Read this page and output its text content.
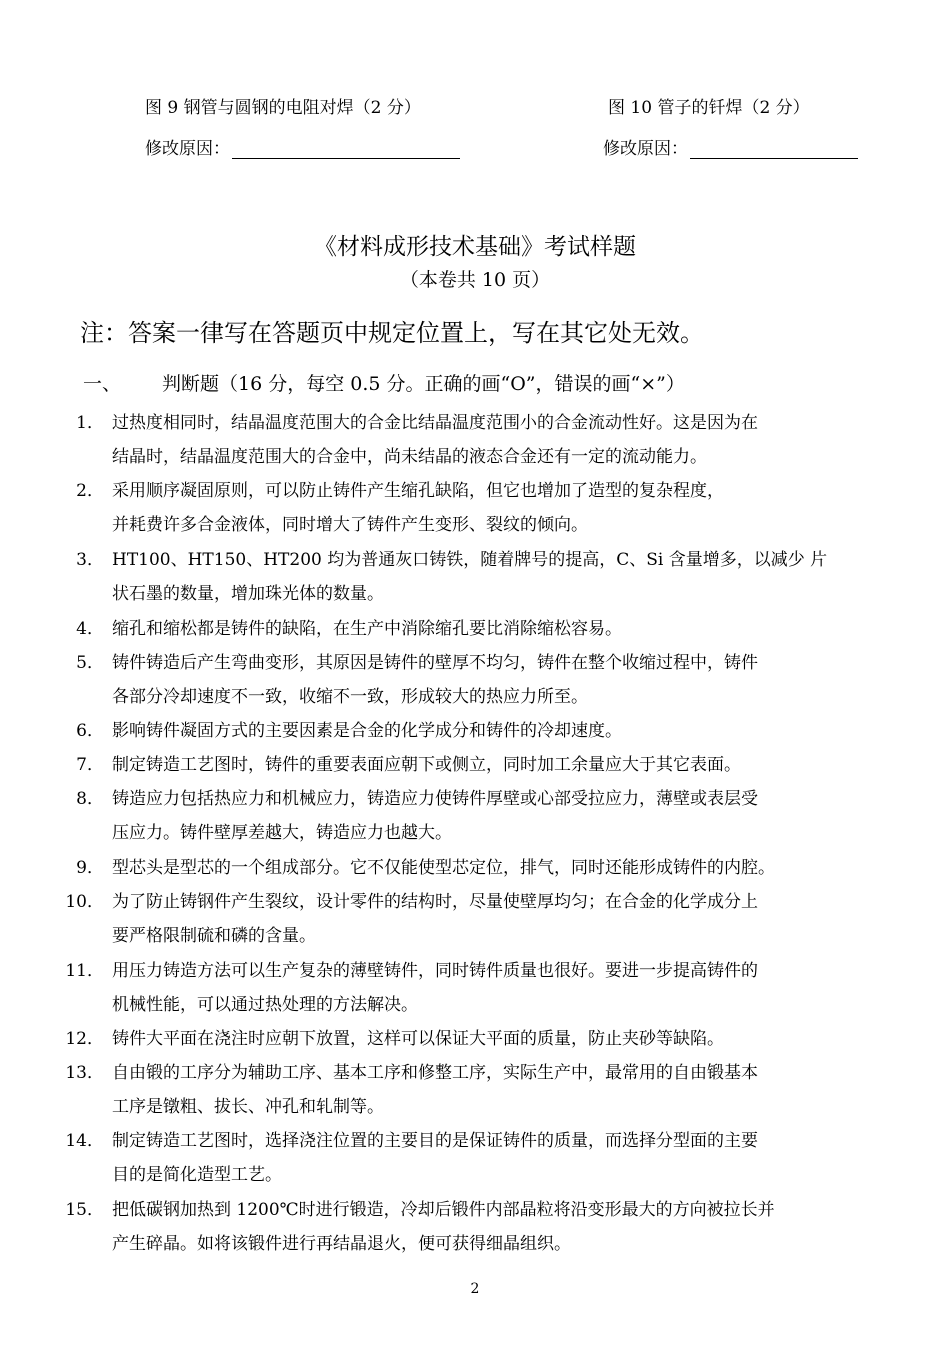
图 9 钢管与圆钢的电阻对焊（2 分）	图 10 管子的钎焊（2 分）
修改原因：	修改原因：
《材料成形技术基础》考试样题
（本卷共 10 页）
注：答案一律写在答题页中规定位置上，写在其它处无效。
一、 判断题（16 分，每空 0.5 分。正确的画“O”，错误的画“×”）
1． 过热度相同时，结晶温度范围大的合金比结晶温度范围小的合金流动性好。这是因为在
结晶时，结晶温度范围大的合金中，尚未结晶的液态合金还有一定的流动能力。
2． 采用顺序凝固原则，可以防止铸件产生缩孔缺陷，但它也增加了造型的复杂程度，
并耗费许多合金液体，同时增大了铸件产生变形、裂纹的倾向。
3． HT100、HT150、HT200 均为普通灰口铸铁，随着牌号的提高，C、Si 含量增多，以减少 片
状石墨的数量，增加珠光体的数量。
4． 缩孔和缩松都是铸件的缺陷，在生产中消除缩孔要比消除缩松容易。
5． 铸件铸造后产生弯曲变形，其原因是铸件的壁厚不均匀，铸件在整个收缩过程中，铸件
各部分冷却速度不一致，收缩不一致，形成较大的热应力所至。
6． 影响铸件凝固方式的主要因素是合金的化学成分和铸件的冷却速度。
7． 制定铸造工艺图时，铸件的重要表面应朝下或侧立，同时加工余量应大于其它表面。
8． 铸造应力包括热应力和机械应力，铸造应力使铸件厚壁或心部受拉应力，薄壁或表层受
压应力。铸件壁厚差越大，铸造应力也越大。
9． 型芯头是型芯的一个组成部分。它不仅能使型芯定位，排气，同时还能形成铸件的内腔。
10． 为了防止铸钢件产生裂纹，设计零件的结构时，尽量使壁厚均匀；在合金的化学成分上
要严格限制硫和磷的含量。
11． 用压力铸造方法可以生产复杂的薄壁铸件，同时铸件质量也很好。要进一步提高铸件的
机械性能，可以通过热处理的方法解决。
12． 铸件大平面在浇注时应朝下放置，这样可以保证大平面的质量，防止夹砂等缺陷。
13． 自由锻的工序分为辅助工序、基本工序和修整工序，实际生产中，最常用的自由锻基本
工序是镦粗、拔长、冲孔和轧制等。
14． 制定铸造工艺图时，选择浇注位置的主要目的是保证铸件的质量，而选择分型面的主要
目的是简化造型工艺。
15． 把低碳钢加热到 1200℃时进行锻造，冷却后锻件内部晶粒将沿变形最大的方向被拉长并
产生碎晶。如将该锻件进行再结晶退火，便可获得细晶组织。
2
